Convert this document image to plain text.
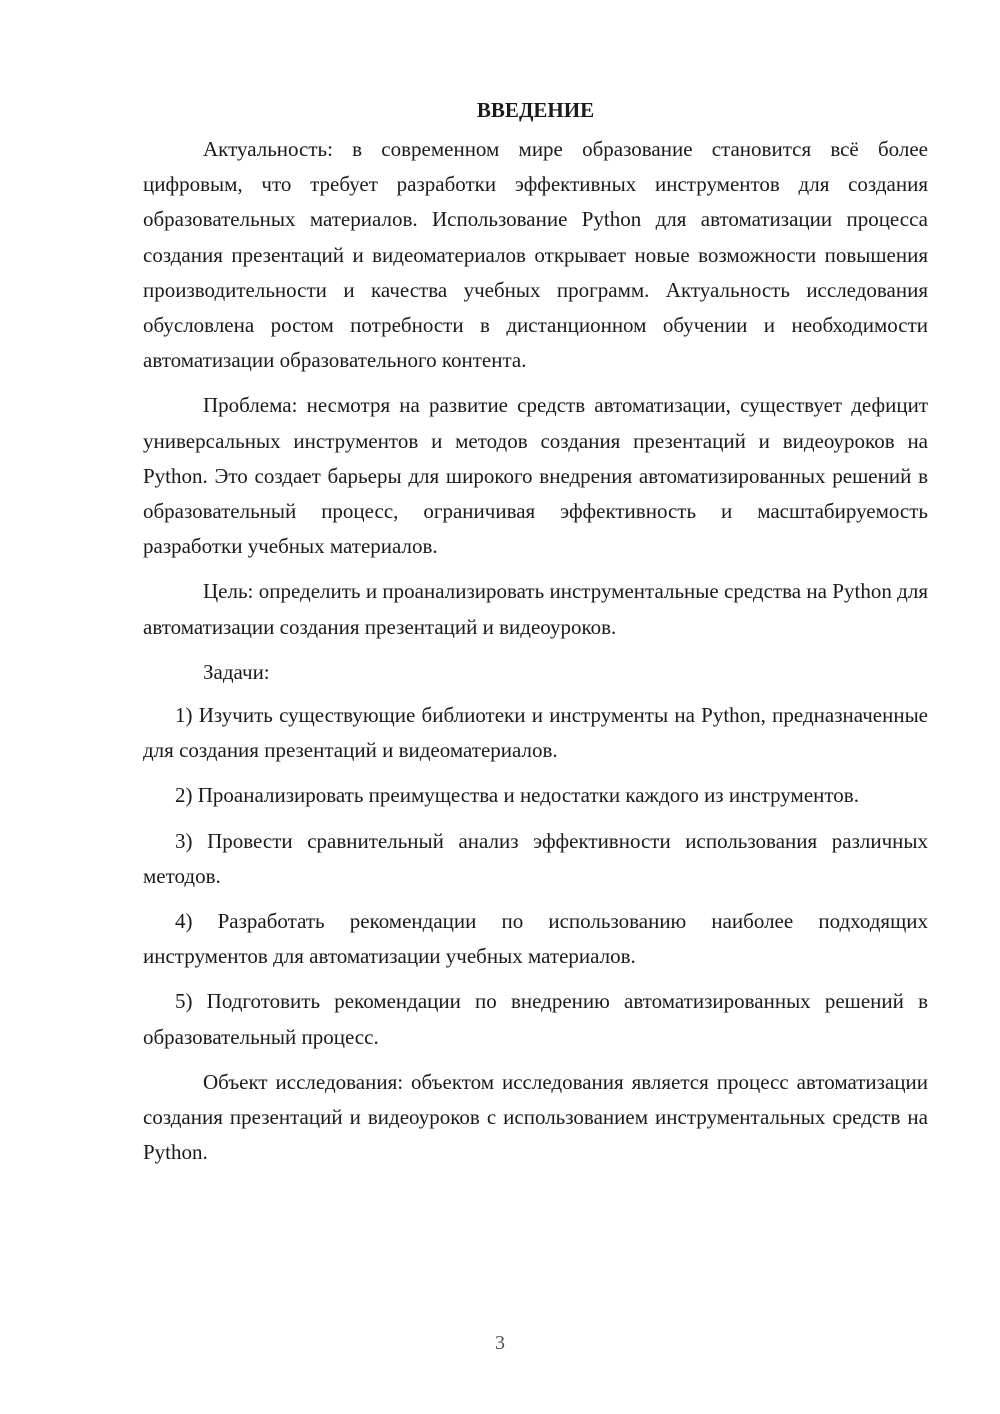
ВВЕДЕНИЕ

Актуальность: в современном мире образование становится всё более цифровым, что требует разработки эффективных инструментов для создания образовательных материалов. Использование Python для автоматизации процесса создания презентаций и видеоматериалов открывает новые возможности повышения производительности и качества учебных программ. Актуальность исследования обусловлена ростом потребности в дистанционном обучении и необходимости автоматизации образовательного контента.

Проблема: несмотря на развитие средств автоматизации, существует дефицит универсальных инструментов и методов создания презентаций и видеоуроков на Python. Это создает барьеры для широкого внедрения автоматизированных решений в образовательный процесс, ограничивая эффективность и масштабируемость разработки учебных материалов.

Цель: определить и проанализировать инструментальные средства на Python для автоматизации создания презентаций и видеоуроков.

Задачи:

1) Изучить существующие библиотеки и инструменты на Python, предназначенные для создания презентаций и видеоматериалов.

2) Проанализировать преимущества и недостатки каждого из инструментов.

3) Провести сравнительный анализ эффективности использования различных методов.

4) Разработать рекомендации по использованию наиболее подходящих инструментов для автоматизации учебных материалов.

5) Подготовить рекомендации по внедрению автоматизированных решений в образовательный процесс.

Объект исследования: объектом исследования является процесс автоматизации создания презентаций и видеоуроков с использованием инструментальных средств на Python.

3
